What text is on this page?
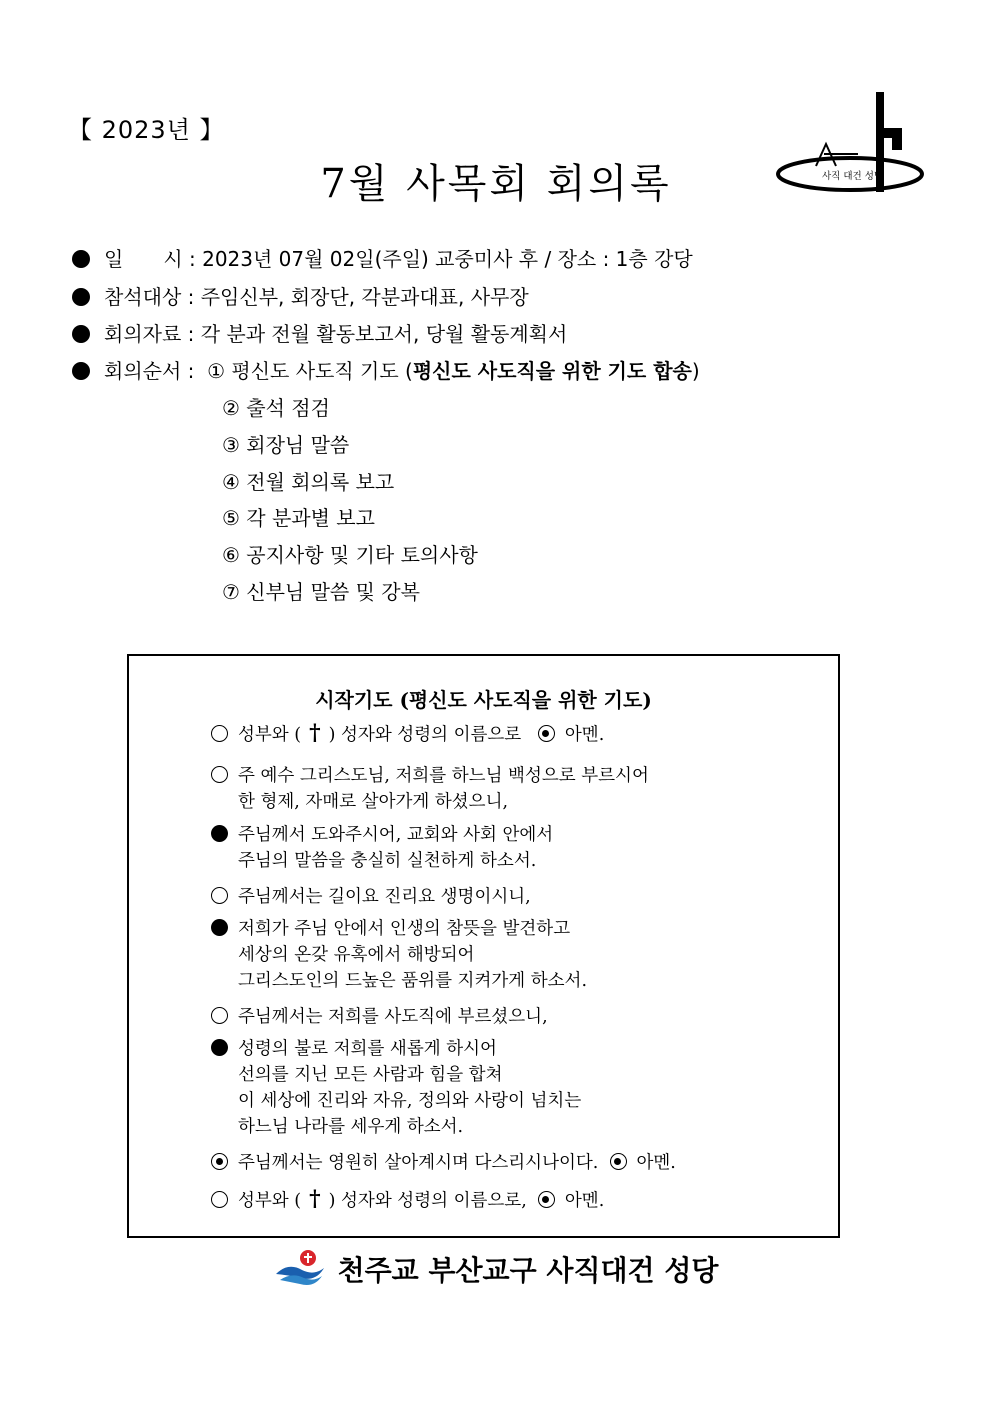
【 2023년 】
7월 사목회 회의록	사직 대건 성당
일　　시 : 2023년 07월 02일(주일) 교중미사 후 / 장소 : 1층 강당
참석대상 : 주임신부, 회장단, 각분과대표, 사무장
회의자료 : 각 분과 전월 활동보고서, 당월 활동계획서
회의순서 :  ① 평신도 사도직 기도 (평신도 사도직을 위한 기도 합송)
② 출석 점검
③ 회장님 말씀
④ 전월 회의록 보고
⑤ 각 분과별 보고
⑥ 공지사항 및 기타 토의사항
⑦ 신부님 말씀 및 강복
시작기도 (평신도 사도직을 위한 기도)
성부와 ( † ) 성자와 성령의 이름으로 아멘.
주 예수 그리스도님, 저희를 하느님 백성으로 부르시어
한 형제, 자매로 살아가게 하셨으니,
주님께서 도와주시어, 교회와 사회 안에서
주님의 말씀을 충실히 실천하게 하소서.
주님께서는 길이요 진리요 생명이시니,
저희가 주님 안에서 인생의 참뜻을 발견하고
세상의 온갖 유혹에서 해방되어
그리스도인의 드높은 품위를 지켜가게 하소서.
주님께서는 저희를 사도직에 부르셨으니,
성령의 불로 저희를 새롭게 하시어
선의를 지닌 모든 사람과 힘을 합쳐
이 세상에 진리와 자유, 정의와 사랑이 넘치는
하느님 나라를 세우게 하소서.
주님께서는 영원히 살아계시며 다스리시나이다. 아멘.
성부와 ( † ) 성자와 성령의 이름으로, 아멘.
천주교 부산교구 사직대건 성당
